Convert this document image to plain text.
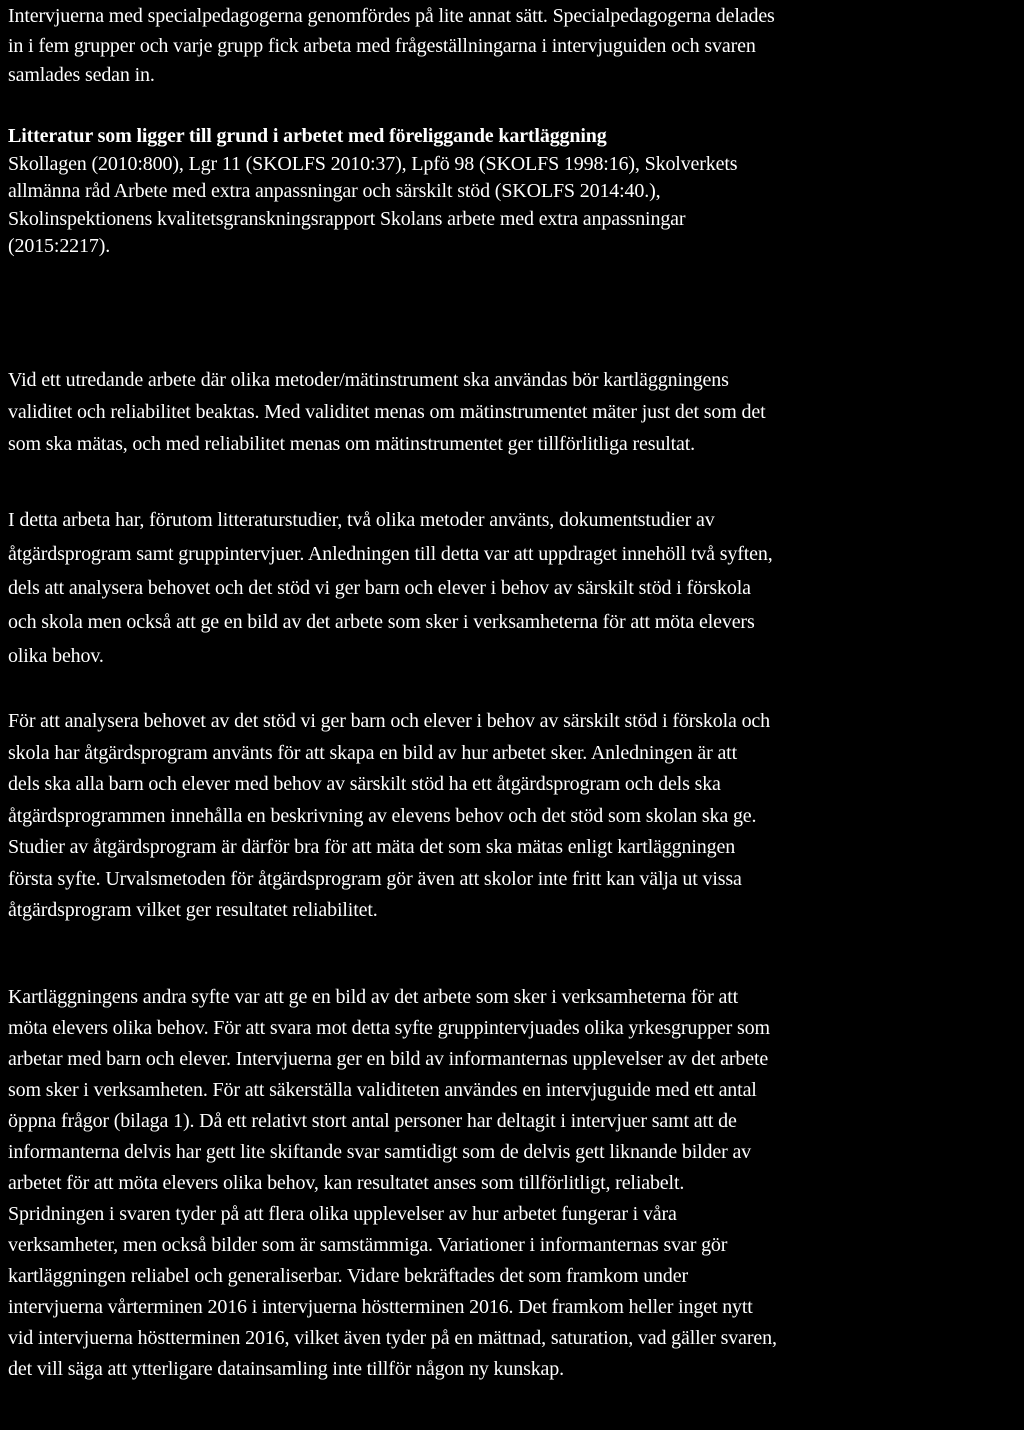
Intervjuerna med specialpedagogerna genomfördes på lite annat sätt. Specialpedagogerna delades
in i fem grupper och varje grupp fick arbeta med frågeställningarna i intervjuguiden och svaren
samlades sedan in.

Litteratur som ligger till grund i arbetet med föreliggande kartläggning
Skollagen (2010:800), Lgr 11 (SKOLFS 2010:37), Lpfö 98 (SKOLFS 1998:16), Skolverkets
allmänna råd Arbete med extra anpassningar och särskilt stöd (SKOLFS 2014:40.),
Skolinspektionens kvalitetsgranskningsrapport Skolans arbete med extra anpassningar
(2015:2217).

Vid ett utredande arbete där olika metoder/mätinstrument ska användas bör kartläggningens
validitet och reliabilitet beaktas. Med validitet menas om mätinstrumentet mäter just det som det
som ska mätas, och med reliabilitet menas om mätinstrumentet ger tillförlitliga resultat.

I detta arbeta har, förutom litteraturstudier, två olika metoder använts, dokumentstudier av
åtgärdsprogram samt gruppintervjuer. Anledningen till detta var att uppdraget innehöll två syften,
dels att analysera behovet och det stöd vi ger barn och elever i behov av särskilt stöd i förskola
och skola men också att ge en bild av det arbete som sker i verksamheterna för att möta elevers
olika behov.

För att analysera behovet av det stöd vi ger barn och elever i behov av särskilt stöd i förskola och
skola har åtgärdsprogram använts för att skapa en bild av hur arbetet sker. Anledningen är att
dels ska alla barn och elever med behov av särskilt stöd ha ett åtgärdsprogram och dels ska
åtgärdsprogrammen innehålla en beskrivning av elevens behov och det stöd som skolan ska ge.
Studier av åtgärdsprogram är därför bra för att mäta det som ska mätas enligt kartläggningen
första syfte. Urvalsmetoden för åtgärdsprogram gör även att skolor inte fritt kan välja ut vissa
åtgärdsprogram vilket ger resultatet reliabilitet.

Kartläggningens andra syfte var att ge en bild av det arbete som sker i verksamheterna för att
möta elevers olika behov. För att svara mot detta syfte gruppintervjuades olika yrkesgrupper som
arbetar med barn och elever. Intervjuerna ger en bild av informanternas upplevelser av det arbete
som sker i verksamheten. För att säkerställa validiteten användes en intervjuguide med ett antal
öppna frågor (bilaga 1). Då ett relativt stort antal personer har deltagit i intervjuer samt att de
informanterna delvis har gett lite skiftande svar samtidigt som de delvis gett liknande bilder av
arbetet för att möta elevers olika behov, kan resultatet anses som tillförlitligt, reliabelt.
Spridningen i svaren tyder på att flera olika upplevelser av hur arbetet fungerar i våra
verksamheter, men också bilder som är samstämmiga. Variationer i informanternas svar gör
kartläggningen reliabel och generaliserbar. Vidare bekräftades det som framkom under
intervjuerna vårterminen 2016 i intervjuerna höstterminen 2016. Det framkom heller inget nytt
vid intervjuerna höstterminen 2016, vilket även tyder på en mättnad, saturation, vad gäller svaren,
det vill säga att ytterligare datainsamling inte tillför någon ny kunskap.
